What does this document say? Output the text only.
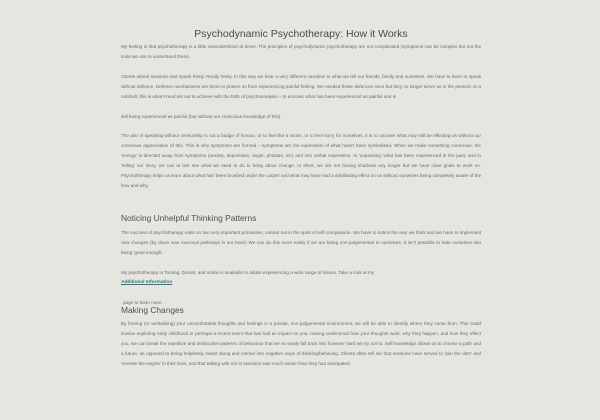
Psychodynamic Psychotherapy: How it Works

My feeling is that psychotherapy is a little misunderstood at times. The principles of psychodynamic psychotherapy are not complicated (symptoms can be complex but not the tools we use to understand them).

Clients attend sessions and speak freely. Really freely. In this way we hear a very different narrative to what we tell our friends, family and ourselves. We have to learn to speak without defence. Defence mechanisms are there to protect us from experiencing painful feeling. We needed these defences once but they no longer serve us in the present. In a nutshell, this is what Freud set out to achieve with the birth of psychoanalysis – to uncover what has been experienced as painful and is

still being experienced as painful (but without our conscious knowledge of this).

The aim of speaking without censorship is not a badge of honour, or to feel like a victim, or to feel sorry for ourselves, it is to uncover what may still be effecting us without our conscious appreciation of this. This is why symptoms are formed – symptoms are the expression of what hasn't been symbolised. When we make something conscious, the 'energy' is directed away from symptoms (anxiety, depression, anger, phobias, etc) and into verbal expression. In 'unpacking' what has been experienced in the past, and in 'telling' our story, we can at last see what we need to do to bring about change. In short, we are not boxing shadows any longer but we have clear goals to work on. Psychotherapy helps us learn about what has 'been brushed under the carpet' and what may have had a debilitating effect on us without ourselves being completely aware of the how and why.

Noticing Unhelpful Thinking Patterns

The success of psychotherapy rests on two very important processes, carried out in the spirit of self-compassion. We have to notice the way we think and we have to implement new changes (by down new neuronal pathways in our brain) We can do this more easily if we are being non-judgemental to ourselves. It isn't possible to hate ourselves into being 'good enough'.

My psychotherapy in Tooting, Dorset, and online is available to adults experiencing a wide range of issues. Take a look at my
Additional Information
page to learn more.
Making Changes

By freeing (or verbalising) your uncomfortable thoughts and feelings in a private, non-judgemental environment, we will be able to identify where they come from. This could involve exploring early childhood or perhaps a recent event that has had an impact on you. Having understood how your thoughts work, why they happen, and how they effect you, we can break the repetitive and destructive patterns of behaviour that we so easily fall back into however hard we try not to. Self knowledge allows us to choose a path and a future, as opposed to being helplessly swept along and carried into negative ways of thinking/behaving. Clients often tell me that sessions have served to 'join the dots' and 'reverse the engine' in their lives, and that talking with me in sessions was much easier than they had anticipated.
